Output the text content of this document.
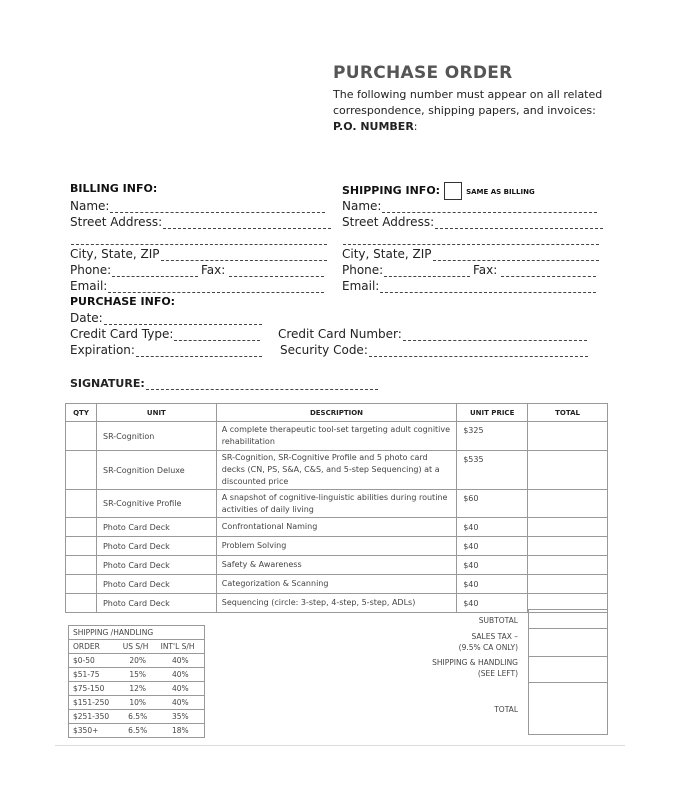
PURCHASE ORDER
The following number must appear on all related correspondence, shipping papers, and invoices: P.O. NUMBER:
BILLING INFO:
Name:
Street Address:
City, State, ZIP
Phone:	Fax:
Email:
SHIPPING INFO:	SAME AS BILLING
Name:
Street Address:
City, State, ZIP
Phone:	Fax:
Email:
PURCHASE INFO:
Date:
Credit Card Type:	Credit Card Number:
Expiration:	Security Code:
SIGNATURE:
QTY	UNIT	DESCRIPTION	UNIT PRICE	TOTAL
	SR-Cognition	A complete therapeutic tool-set targeting adult cognitive rehabilitation	$325	
	SR-Cognition Deluxe	SR-Cognition, SR-Cognitive Profile and 5 photo card decks (CN, PS, S&A, C&S, and 5-step Sequencing) at a discounted price	$535	
	SR-Cognitive Profile	A snapshot of cognitive-linguistic abilities during routine activities of daily living	$60	
	Photo Card Deck	Confrontational Naming	$40	
	Photo Card Deck	Problem Solving	$40	
	Photo Card Deck	Safety & Awareness	$40	
	Photo Card Deck	Categorization & Scanning	$40	
	Photo Card Deck	Sequencing (circle: 3-step, 4-step, 5-step, ADLs)	$40	
SHIPPING /HANDLING		
ORDER	US S/H	INT'L S/H
$0-50	20%	40%
$51-75	15%	40%
$75-150	12%	40%
$151-250	10%	40%
$251-350	6.5%	35%
$350+	6.5%	18%
SUBTOTAL
SALES TAX –
(9.5% CA ONLY)
SHIPPING & HANDLING
(SEE LEFT)
TOTAL
